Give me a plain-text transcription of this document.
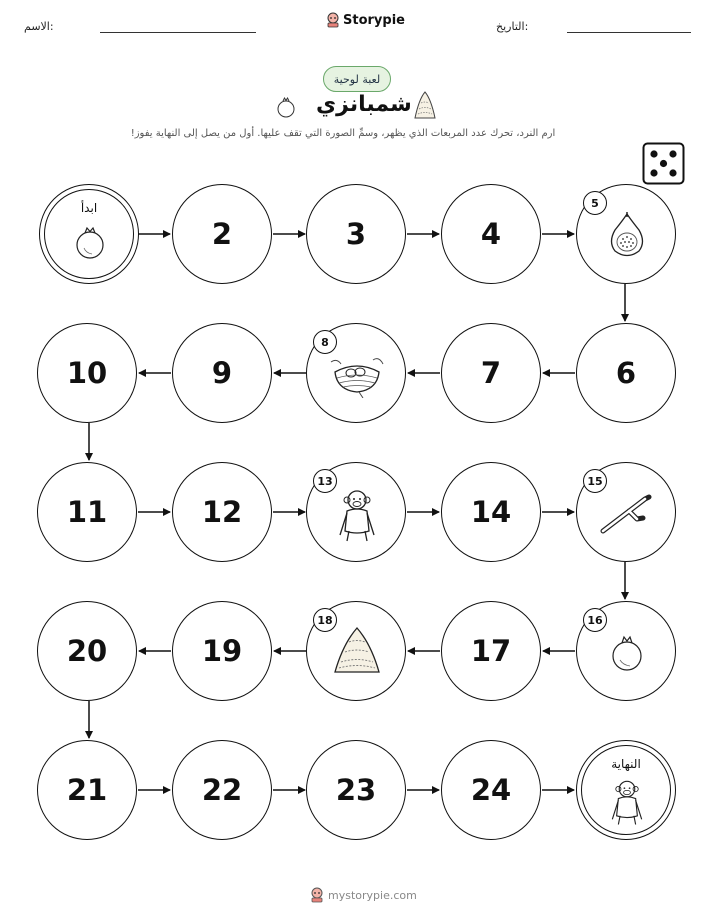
الاسم:	Storypie	التاريخ:
لعبة لوحية
شمبانزي
ارم النرد، تحرك عدد المربعات الذي يظهر، وسمِّ الصورة التي تقف عليها. أول من يصل إلى النهاية يفوز!
ابدأ
2	3	4
5
6
7
8
9
10
11	12
13
14
15
16
17
18
19
20
21	22	23	24
النهاية
mystorypie.com
